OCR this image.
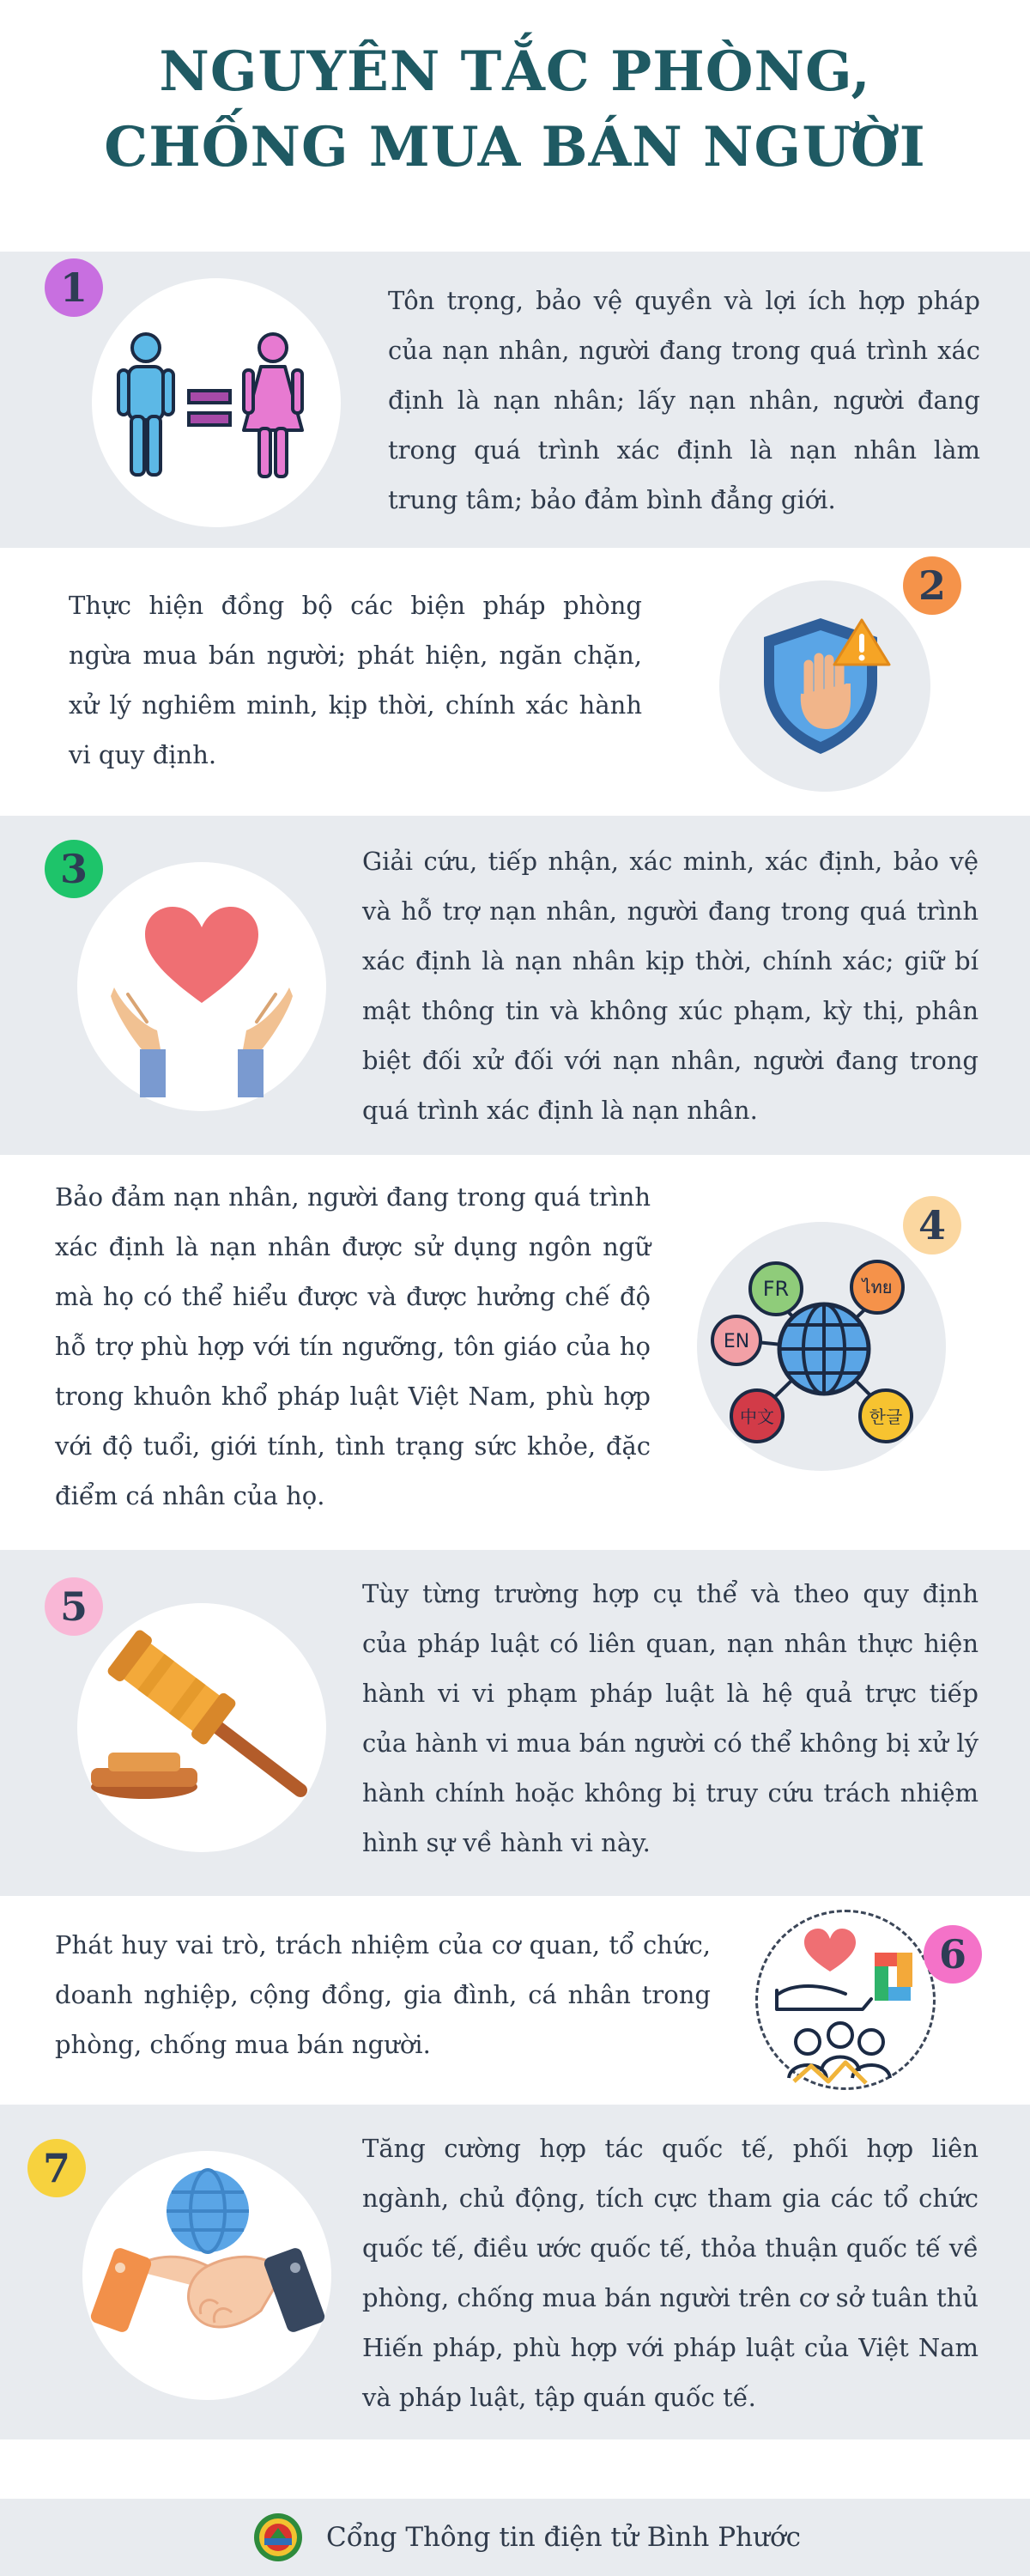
NGUYÊN TẮC PHÒNG,
CHỐNG MUA BÁN NGƯỜI
1	Tôn trọng, bảo vệ quyền và lợi ích hợp pháp của nạn nhân, người đang trong quá trình xác định là nạn nhân; lấy nạn nhân, người đang trong quá trình xác định là nạn nhân làm trung tâm; bảo đảm bình đẳng giới.
2
Thực hiện đồng bộ các biện pháp phòng ngừa mua bán người; phát hiện, ngăn chặn, xử lý nghiêm minh, kịp thời, chính xác hành vi quy định.
3	Giải cứu, tiếp nhận, xác minh, xác định, bảo vệ và hỗ trợ nạn nhân, người đang trong quá trình xác định là nạn nhân kịp thời, chính xác; giữ bí mật thông tin và không xúc phạm, kỳ thị, phân biệt đối xử đối với nạn nhân, người đang trong quá trình xác định là nạn nhân.
FR	ไทย
EN
中文	한글
4
Bảo đảm nạn nhân, người đang trong quá trình xác định là nạn nhân được sử dụng ngôn ngữ mà họ có thể hiểu được và được hưởng chế độ hỗ trợ phù hợp với tín ngưỡng, tôn giáo của họ trong khuôn khổ pháp luật Việt Nam, phù hợp với độ tuổi, giới tính, tình trạng sức khỏe, đặc điểm cá nhân của họ.
5	Tùy từng trường hợp cụ thể và theo quy định của pháp luật có liên quan, nạn nhân thực hiện hành vi vi phạm pháp luật là hệ quả trực tiếp của hành vi mua bán người có thể không bị xử lý hành chính hoặc không bị truy cứu trách nhiệm hình sự về hành vi này.
6
Phát huy vai trò, trách nhiệm của cơ quan, tổ chức, doanh nghiệp, cộng đồng, gia đình, cá nhân trong phòng, chống mua bán người.
7	Tăng cường hợp tác quốc tế, phối hợp liên ngành, chủ động, tích cực tham gia các tổ chức quốc tế, điều ước quốc tế, thỏa thuận quốc tế về phòng, chống mua bán người trên cơ sở tuân thủ Hiến pháp, phù hợp với pháp luật của Việt Nam và pháp luật, tập quán quốc tế.
Cổng Thông tin điện tử Bình Phước
